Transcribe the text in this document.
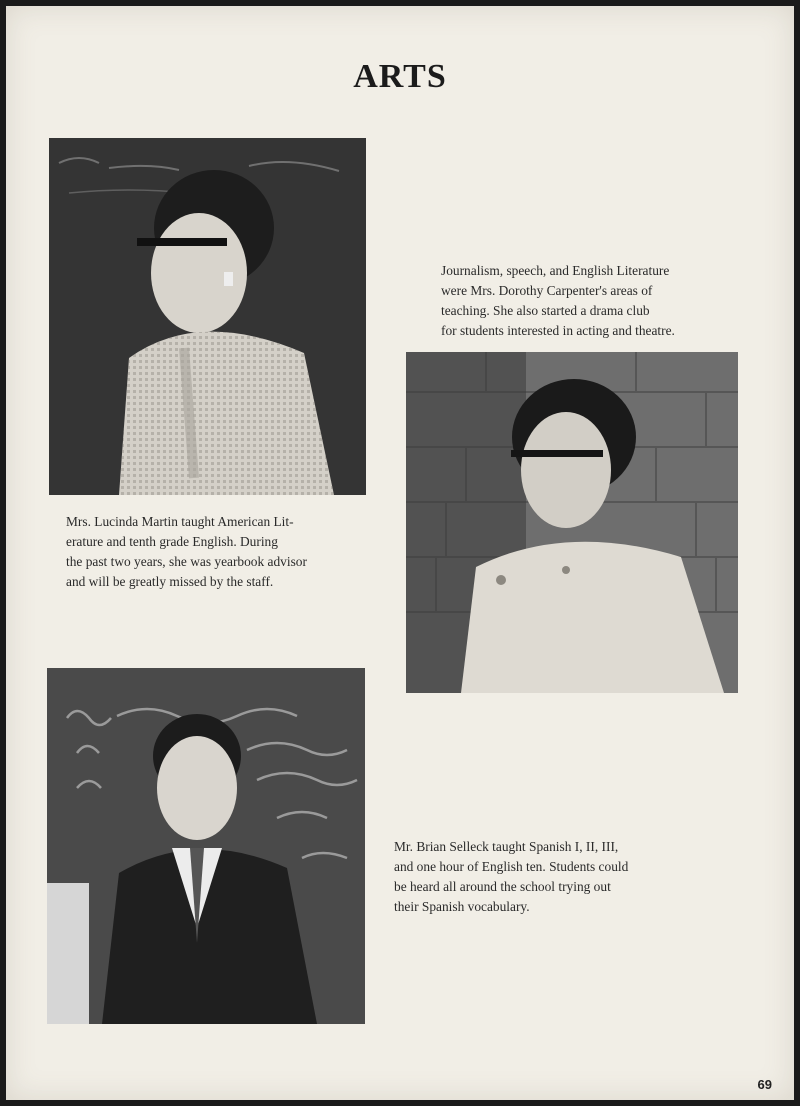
ARTS
Mrs. Lucinda Martin taught American Lit-
erature and tenth grade English. During
the past two years, she was yearbook advisor
and will be greatly missed by the staff.
Journalism, speech, and English Literature
were Mrs. Dorothy Carpenter's areas of
teaching. She also started a drama club
for students interested in acting and theatre.
Mr. Brian Selleck taught Spanish I, II, III,
and one hour of English ten. Students could
be heard all around the school trying out
their Spanish vocabulary.
69
